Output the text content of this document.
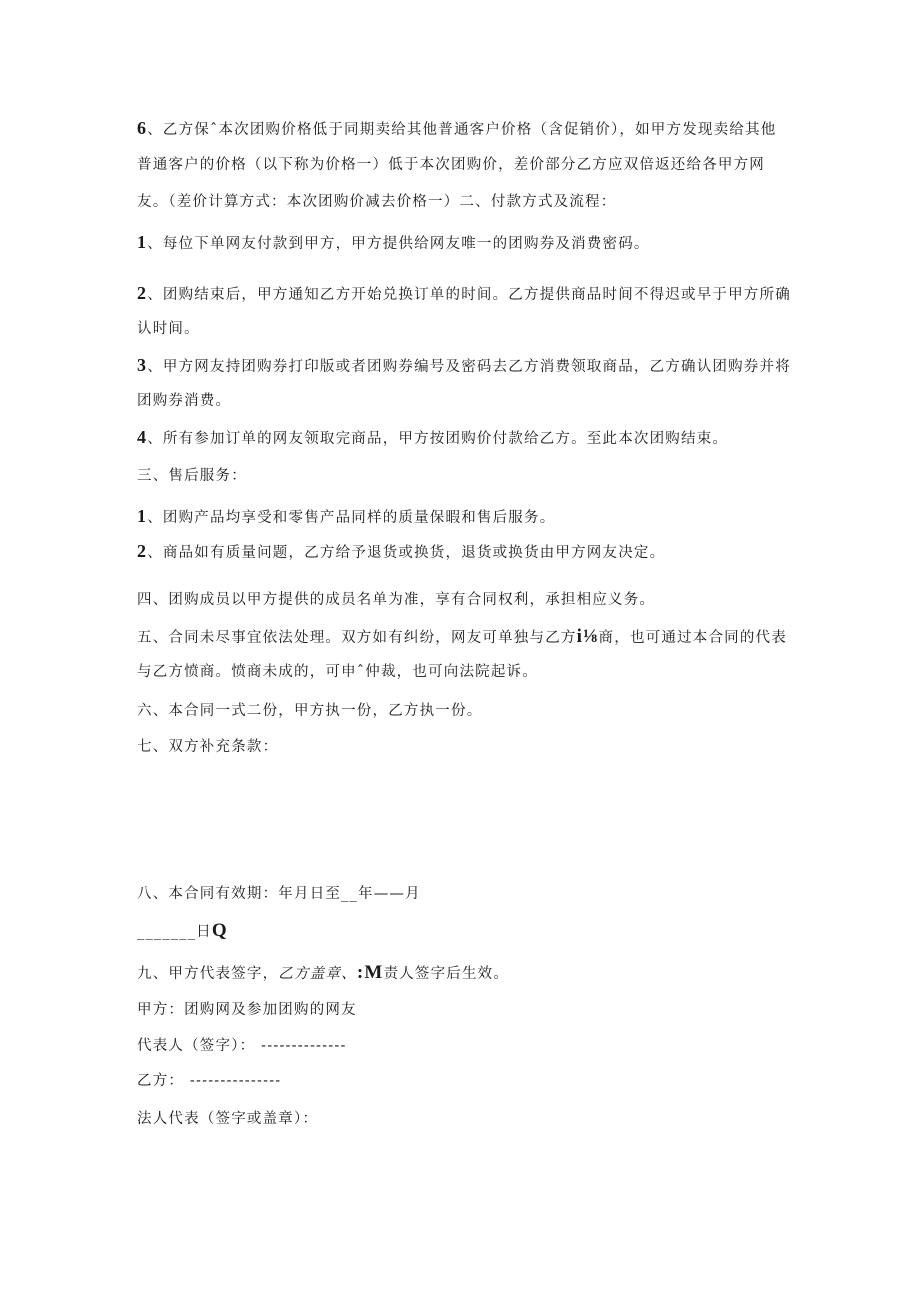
6、乙方保ˆ本次团购价格低于同期卖给其他普通客户价格（含促销价），如甲方发现卖给其他
普通客户的价格（以下称为价格一）低于本次团购价，差价部分乙方应双倍返还给各甲方网
友。（差价计算方式：本次团购价减去价格一）二、付款方式及流程：
1、每位下单网友付款到甲方，甲方提供给网友唯一的团购券及消费密码。
2、团购结束后，甲方通知乙方开始兑换订单的时间。乙方提供商品时间不得迟或早于甲方所确
认时间。
3、甲方网友持团购券打印版或者团购券编号及密码去乙方消费领取商品，乙方确认团购券并将
团购券消费。
4、所有参加订单的网友领取完商品，甲方按团购价付款给乙方。至此本次团购结束。
三、售后服务：
1、团购产品均享受和零售产品同样的质量保暇和售后服务。
2、商品如有质量问题，乙方给予退货或换货，退货或换货由甲方网友决定。
四、团购成员以甲方提供的成员名单为准，享有合同权利，承担相应义务。
五、合同未尽事宜依法处理。双方如有纠纷，网友可单独与乙方i⅛商，也可通过本合同的代表
与乙方愤商。愤商未成的，可申ˆ仲裁，也可向法院起诉。
六、本合同一式二份，甲方执一份，乙方执一份。
七、双方补充条款：
八、本合同有效期：年月日至__年——月
_______日Q
九、甲方代表签字，乙方盖章、:M责人签字后生效。
甲方：团购网及参加团购的网友
代表人（签字）： --------------
乙方： ---------------
法人代表（签字或盖章）：
